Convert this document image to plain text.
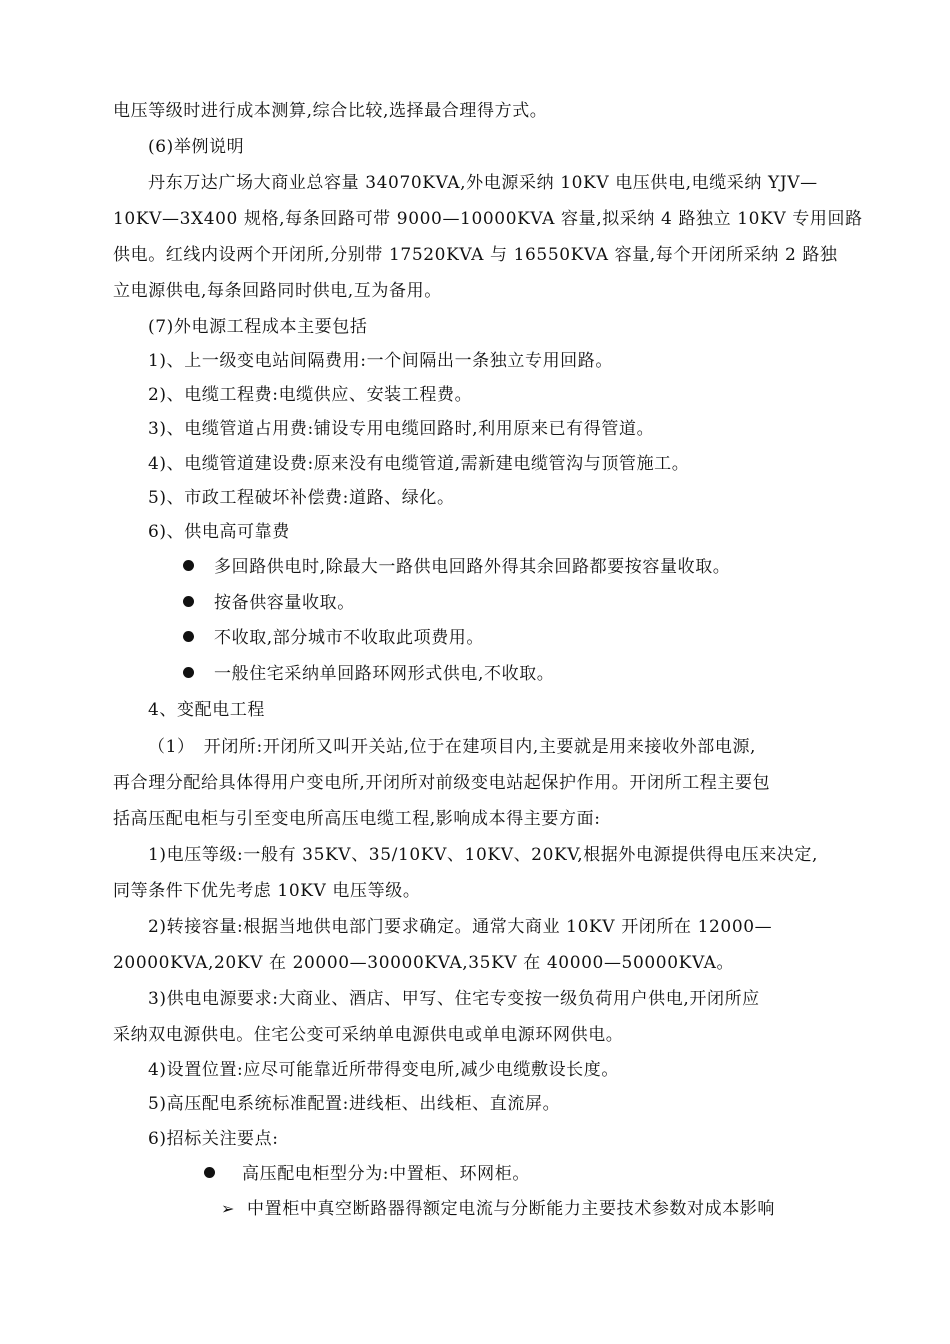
电压等级时进行成本测算,综合比较,选择最合理得方式。
(6)举例说明
丹东万达广场大商业总容量 34070KVA,外电源采纳 10KV 电压供电,电缆采纳 YJV—
10KV—3X400 规格,每条回路可带 9000—10000KVA 容量,拟采纳 4 路独立 10KV 专用回路
供电。红线内设两个开闭所,分别带 17520KVA 与 16550KVA 容量,每个开闭所采纳 2 路独
立电源供电,每条回路同时供电,互为备用。
(7)外电源工程成本主要包括
1)、上一级变电站间隔费用:一个间隔出一条独立专用回路。
2)、电缆工程费:电缆供应、安装工程费。
3)、电缆管道占用费:铺设专用电缆回路时,利用原来已有得管道。
4)、电缆管道建设费:原来没有电缆管道,需新建电缆管沟与顶管施工。
5)、市政工程破坏补偿费:道路、绿化。
6)、供电高可靠费
多回路供电时,除最大一路供电回路外得其余回路都要按容量收取。
按备供容量收取。
不收取,部分城市不收取此项费用。
一般住宅采纳单回路环网形式供电,不收取。
4、变配电工程
（1）　开闭所:开闭所又叫开关站,位于在建项目内,主要就是用来接收外部电源,
再合理分配给具体得用户变电所,开闭所对前级变电站起保护作用。开闭所工程主要包
括高压配电柜与引至变电所高压电缆工程,影响成本得主要方面:
1)电压等级:一般有 35KV、35/10KV、10KV、20KV,根据外电源提供得电压来决定,
同等条件下优先考虑 10KV 电压等级。
2)转接容量:根据当地供电部门要求确定。通常大商业 10KV 开闭所在 12000—
20000KVA,20KV 在 20000—30000KVA,35KV 在 40000—50000KVA。
3)供电电源要求:大商业、酒店、甲写、住宅专变按一级负荷用户供电,开闭所应
采纳双电源供电。住宅公变可采纳单电源供电或单电源环网供电。
4)设置位置:应尽可能靠近所带得变电所,减少电缆敷设长度。
5)高压配电系统标准配置:进线柜、出线柜、直流屏。
6)招标关注要点:
高压配电柜型分为:中置柜、环网柜。
➢ 中置柜中真空断路器得额定电流与分断能力主要技术参数对成本影响
